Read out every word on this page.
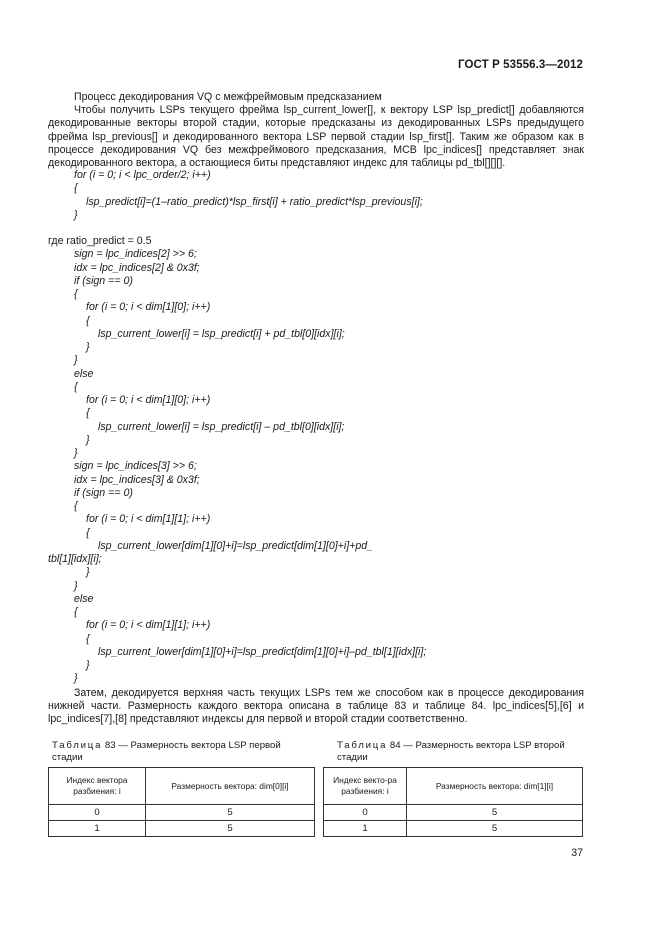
ГОСТ Р 53556.3—2012

Процесс декодирования VQ с межфреймовым предсказанием

Чтобы получить LSPs текущего фрейма lsp_current_lower[], к вектору LSP lsp_predict[] добавляются декодированные векторы второй стадии, которые предсказаны из декодированных LSPs предыдущего фрейма lsp_previous[] и декодированного вектора LSP первой стадии lsp_first[]. Таким же образом как в процессе декодирования VQ без межфреймового предсказания, MCB lpc_indices[] представляет знак декодированного вектора, а остающиеся биты представляют индекс для таблицы pd_tbl[][][].

for (i = 0; i < lpc_order/2; i++)
{
lsp_predict[i]=(1–ratio_predict)*lsp_first[i] + ratio_predict*lsp_previous[i];
}
где ratio_predict = 0.5
sign = lpc_indices[2] >> 6;
idx = lpc_indices[2] & 0x3f;
if (sign == 0)
{
for (i = 0; i < dim[1][0]; i++)
{
lsp_current_lower[i] = lsp_predict[i] + pd_tbl[0][idx][i];
}
}
else
{
for (i = 0; i < dim[1][0]; i++)
{
lsp_current_lower[i] = lsp_predict[i] – pd_tbl[0][idx][i];
}
}
sign = lpc_indices[3] >> 6;
idx = lpc_indices[3] & 0x3f;
if (sign == 0)
{
for (i = 0; i < dim[1][1]; i++)
{
lsp_current_lower[dim[1][0]+i]=lsp_predict[dim[1][0]+i]+pd_
tbl[1][idx][i];
}
}
else
{
for (i = 0; i < dim[1][1]; i++)
{
lsp_current_lower[dim[1][0]+i]=lsp_predict[dim[1][0]+i]–pd_tbl[1][idx][i];
}
}

Затем, декодируется верхняя часть текущих LSPs тем же способом как в процессе декодирования нижней части. Размерность каждого вектора описана в таблице 83 и таблице 84. lpc_indices[5],[6] и lpc_indices[7],[8] представляют индексы для первой и второй стадии соответственно.

Таблица 83 — Размерность вектора LSP первой стадии
Индекс вектора разбиения: i	Размерность вектора: dim[0][i]
0	5
1	5
Таблица 84 — Размерность вектора LSP второй стадии
Индекс векто-ра разбиения: i	Размерность вектора: dim[1][i]
0	5
1	5
37
